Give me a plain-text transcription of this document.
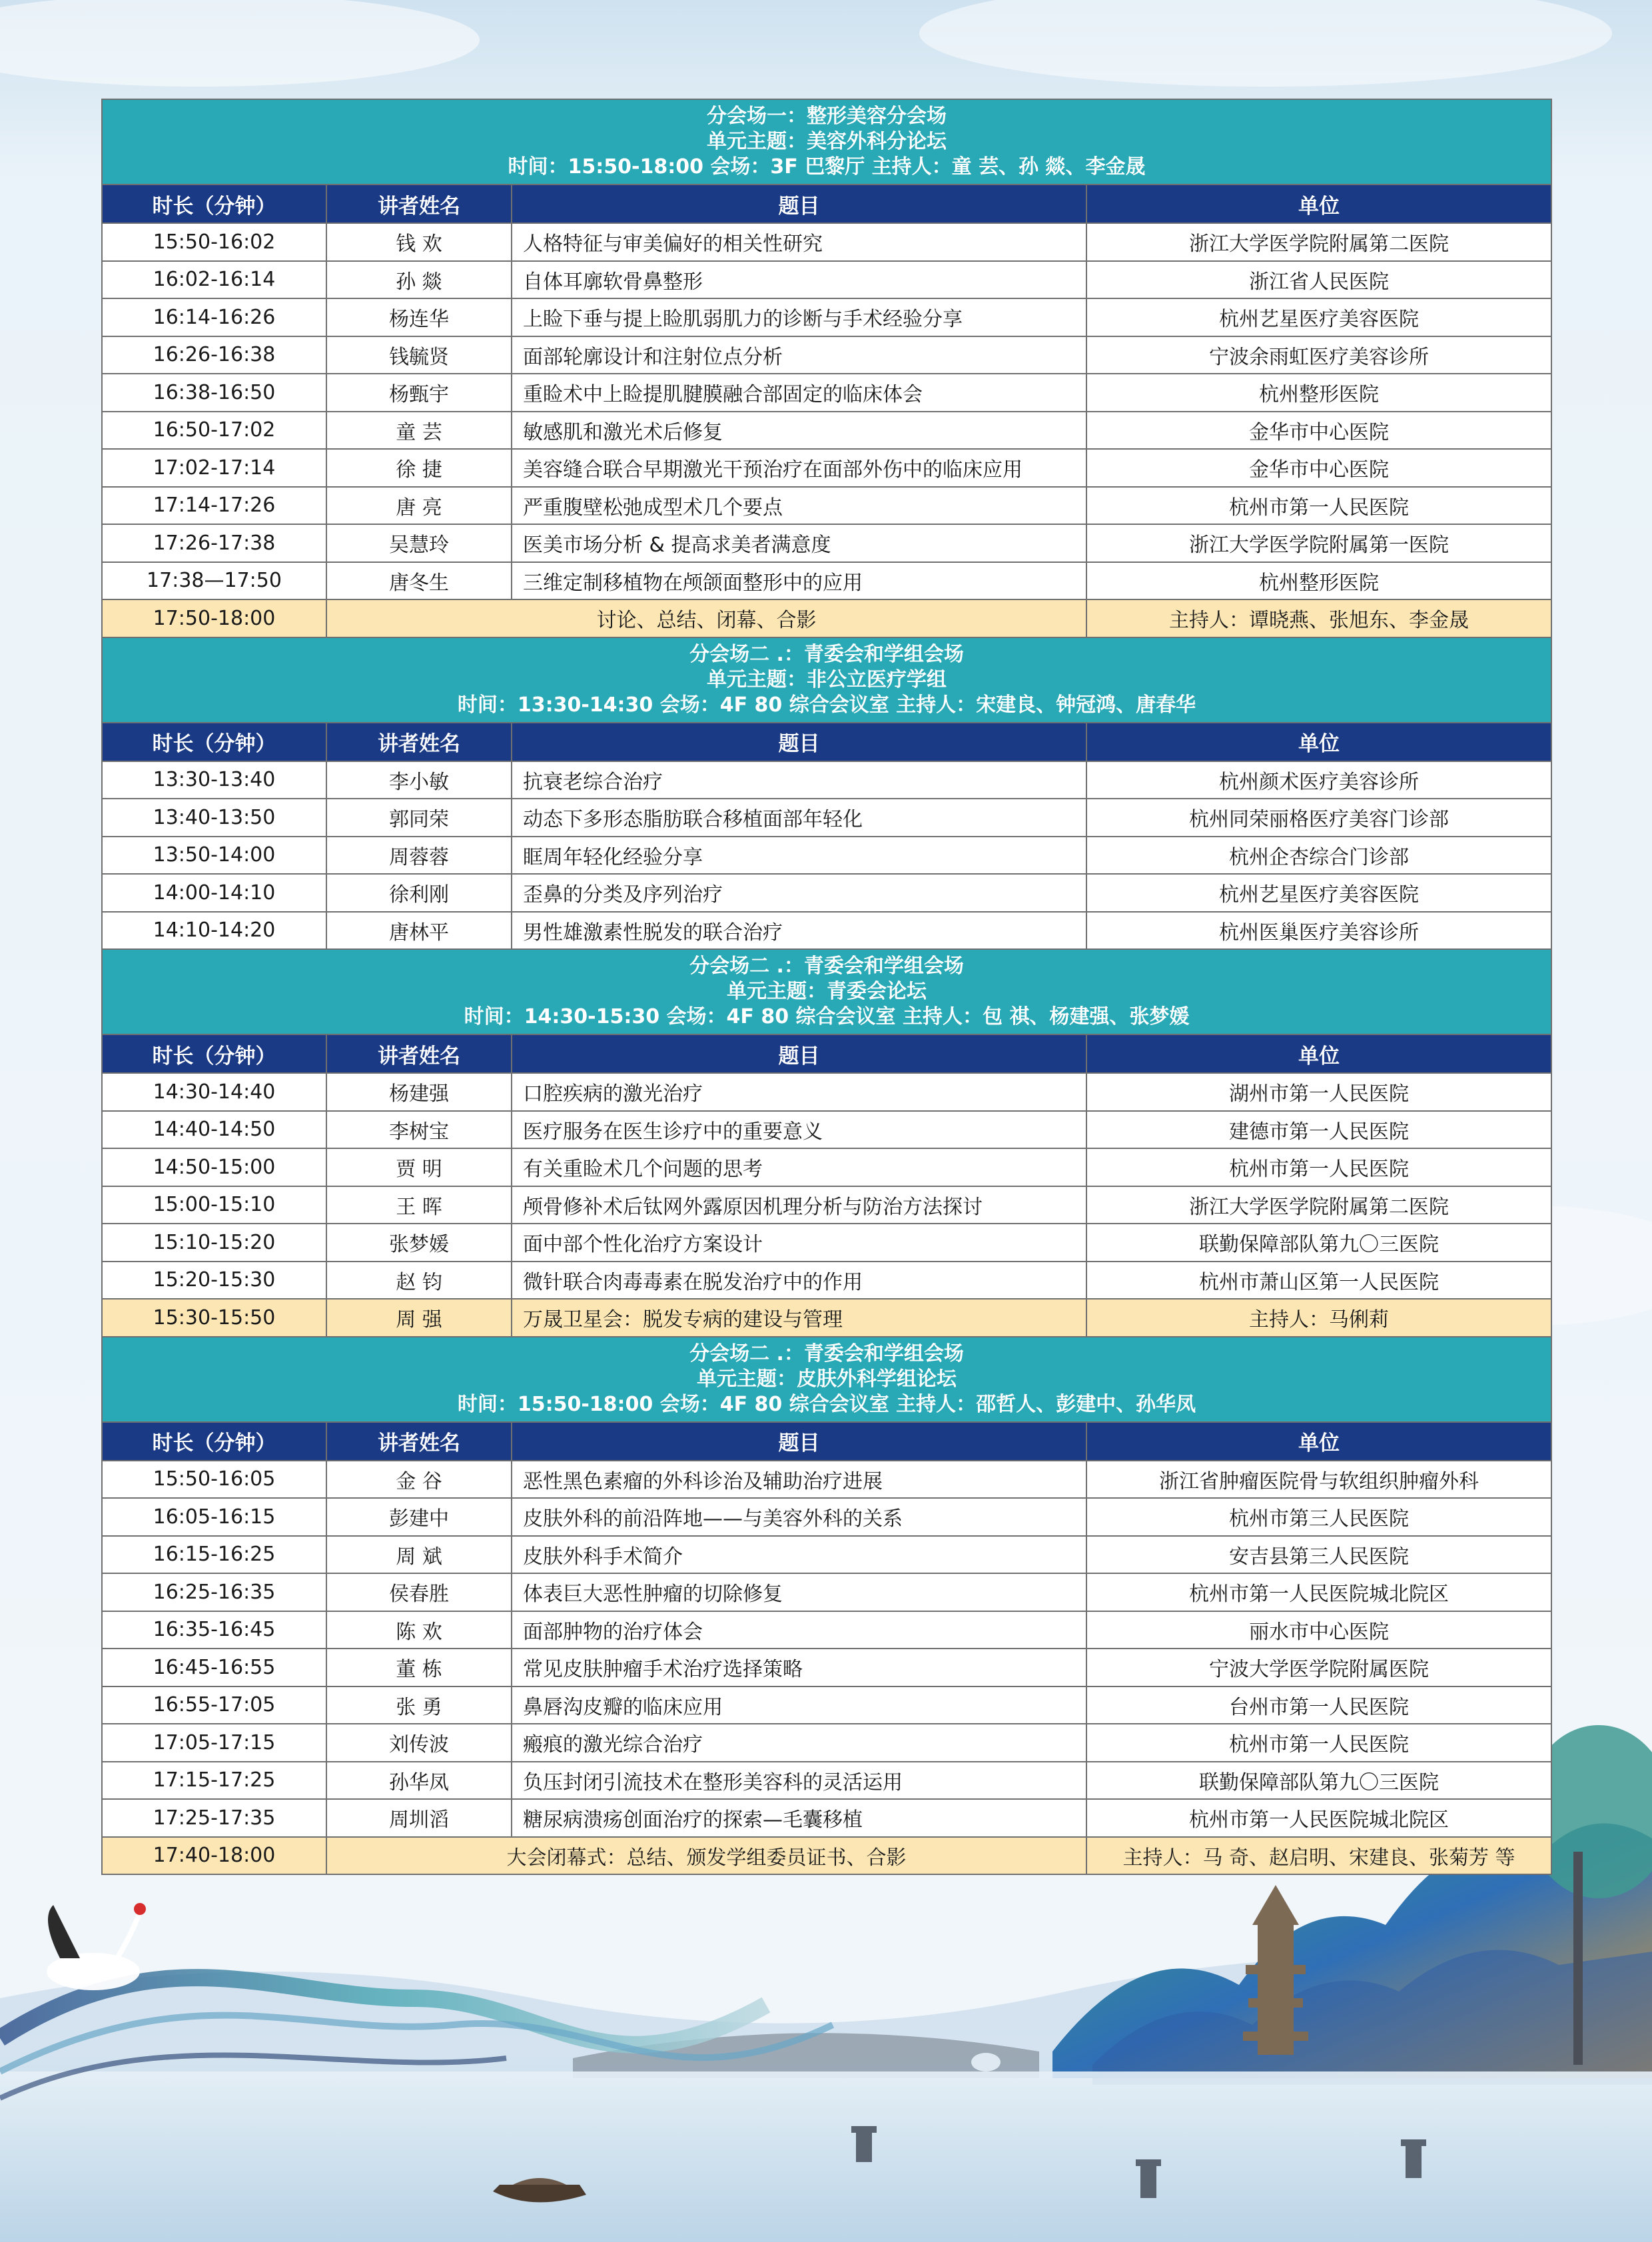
分会场一：整形美容分会场
单元主题：美容外科分论坛
时间：15:50-18:00 会场：3F 巴黎厅 主持人：童 芸、孙 燚、李金晟			

时长（分钟）	讲者姓名	题目	单位
15:50-16:02	钱 欢	人格特征与审美偏好的相关性研究	浙江大学医学院附属第二医院
16:02-16:14	孙 燚	自体耳廓软骨鼻整形	浙江省人民医院
16:14-16:26	杨连华	上睑下垂与提上睑肌弱肌力的诊断与手术经验分享	杭州艺星医疗美容医院
16:26-16:38	钱毓贤	面部轮廓设计和注射位点分析	宁波余雨虹医疗美容诊所
16:38-16:50	杨甄宇	重睑术中上睑提肌腱膜融合部固定的临床体会	杭州整形医院
16:50-17:02	童 芸	敏感肌和激光术后修复	金华市中心医院
17:02-17:14	徐 捷	美容缝合联合早期激光干预治疗在面部外伤中的临床应用	金华市中心医院
17:14-17:26	唐 亮	严重腹壁松弛成型术几个要点	杭州市第一人民医院
17:26-17:38	吴慧玲	医美市场分析 & 提高求美者满意度	浙江大学医学院附属第一医院
17:38—17:50	唐冬生	三维定制移植物在颅颌面整形中的应用	杭州整形医院
17:50-18:00	讨论、总结、闭幕、合影		主持人：谭晓燕、张旭东、李金晟

分会场二 .：青委会和学组会场
单元主题：非公立医疗学组
时间：13:30-14:30 会场：4F 80 综合会议室 主持人：宋建良、钟冠鸿、唐春华			

时长（分钟）	讲者姓名	题目	单位
13:30-13:40	李小敏	抗衰老综合治疗	杭州颜术医疗美容诊所
13:40-13:50	郭同荣	动态下多形态脂肪联合移植面部年轻化	杭州同荣丽格医疗美容门诊部
13:50-14:00	周蓉蓉	眶周年轻化经验分享	杭州企杏综合门诊部
14:00-14:10	徐利刚	歪鼻的分类及序列治疗	杭州艺星医疗美容医院
14:10-14:20	唐林平	男性雄激素性脱发的联合治疗	杭州医巢医疗美容诊所

分会场二 .：青委会和学组会场
单元主题：青委会论坛
时间：14:30-15:30 会场：4F 80 综合会议室 主持人：包 祺、杨建强、张梦媛			

时长（分钟）	讲者姓名	题目	单位
14:30-14:40	杨建强	口腔疾病的激光治疗	湖州市第一人民医院
14:40-14:50	李树宝	医疗服务在医生诊疗中的重要意义	建德市第一人民医院
14:50-15:00	贾 明	有关重睑术几个问题的思考	杭州市第一人民医院
15:00-15:10	王 晖	颅骨修补术后钛网外露原因机理分析与防治方法探讨	浙江大学医学院附属第二医院
15:10-15:20	张梦媛	面中部个性化治疗方案设计	联勤保障部队第九〇三医院
15:20-15:30	赵 钧	微针联合肉毒毒素在脱发治疗中的作用	杭州市萧山区第一人民医院
15:30-15:50	周 强	万晟卫星会：脱发专病的建设与管理	主持人：马俐莉

分会场二 .：青委会和学组会场
单元主题：皮肤外科学组论坛
时间：15:50-18:00 会场：4F 80 综合会议室 主持人：邵哲人、彭建中、孙华凤			

时长（分钟）	讲者姓名	题目	单位
15:50-16:05	金 谷	恶性黑色素瘤的外科诊治及辅助治疗进展	浙江省肿瘤医院骨与软组织肿瘤外科
16:05-16:15	彭建中	皮肤外科的前沿阵地——与美容外科的关系	杭州市第三人民医院
16:15-16:25	周 斌	皮肤外科手术简介	安吉县第三人民医院
16:25-16:35	侯春胜	体表巨大恶性肿瘤的切除修复	杭州市第一人民医院城北院区
16:35-16:45	陈 欢	面部肿物的治疗体会	丽水市中心医院
16:45-16:55	董 栋	常见皮肤肿瘤手术治疗选择策略	宁波大学医学院附属医院
16:55-17:05	张 勇	鼻唇沟皮瓣的临床应用	台州市第一人民医院
17:05-17:15	刘传波	瘢痕的激光综合治疗	杭州市第一人民医院
17:15-17:25	孙华凤	负压封闭引流技术在整形美容科的灵活运用	联勤保障部队第九〇三医院
17:25-17:35	周圳滔	糖尿病溃疡创面治疗的探索—毛囊移植	杭州市第一人民医院城北院区
17:40-18:00	大会闭幕式：总结、颁发学组委员证书、合影		主持人：马 奇、赵启明、宋建良、张菊芳 等
